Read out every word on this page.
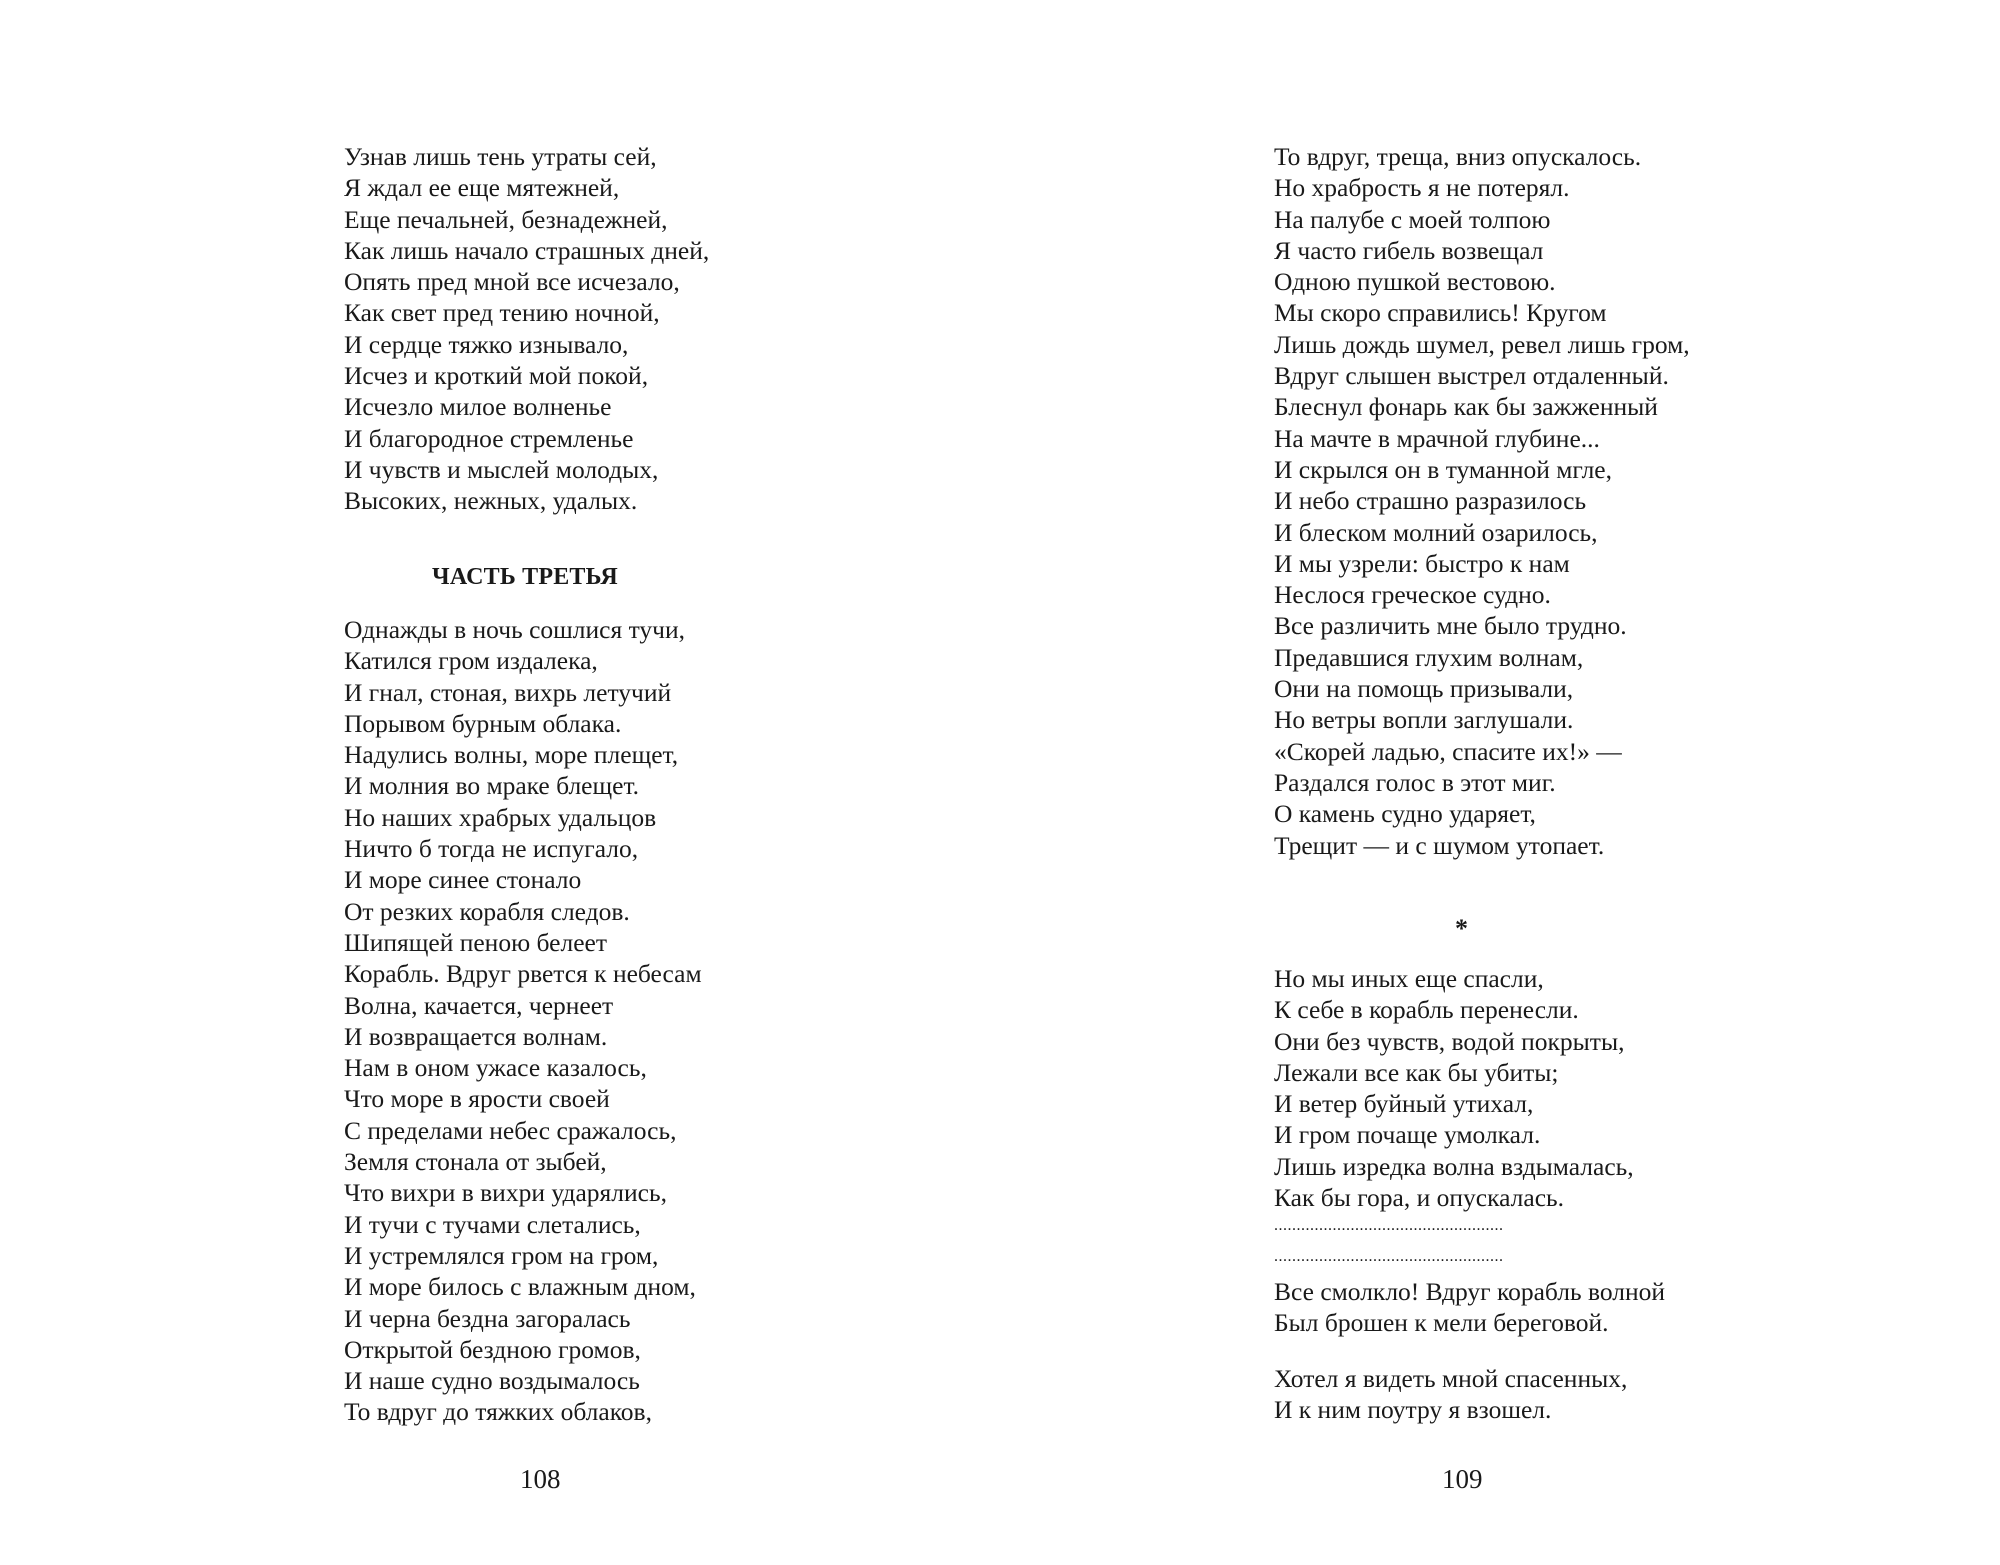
Узнав лишь тень утраты сей,
Я ждал ее еще мятежней,
Еще печальней, безнадежней,
Как лишь начало страшных дней,
Опять пред мной все исчезало,
Как свет пред тению ночной,
И сердце тяжко изнывало,
Исчез и кроткий мой покой,
Исчезло милое волненье
И благородное стремленье
И чувств и мыслей молодых,
Высоких, нежных, удалых.
ЧАСТЬ ТРЕТЬЯ
Однажды в ночь сошлися тучи,
Катился гром издалека,
И гнал, стоная, вихрь летучий
Порывом бурным облака.
Надулись волны, море плещет,
И молния во мраке блещет.
Но наших храбрых удальцов
Ничто б тогда не испугало,
И море синее стонало
От резких корабля следов.
Шипящей пеною белеет
Корабль. Вдруг рвется к небесам
Волна, качается, чернеет
И возвращается волнам.
Нам в оном ужасе казалось,
Что море в ярости своей
С пределами небес сражалось,
Земля стонала от зыбей,
Что вихри в вихри ударялись,
И тучи с тучами слетались,
И устремлялся гром на гром,
И море билось с влажным дном,
И черна бездна загоралась
Открытой бездною громов,
И наше судно воздымалось
То вдруг до тяжких облаков,
108
То вдруг, треща, вниз опускалось.
Но храбрость я не потерял.
На палубе с моей толпою
Я часто гибель возвещал
Одною пушкой вестовою.
Мы скоро справились! Кругом
Лишь дождь шумел, ревел лишь гром,
Вдруг слышен выстрел отдаленный.
Блеснул фонарь как бы зажженный
На мачте в мрачной глубине...
И скрылся он в туманной мгле,
И небо страшно разразилось
И блеском молний озарилось,
И мы узрели: быстро к нам
Неслося греческое судно.
Все различить мне было трудно.
Предавшися глухим волнам,
Они на помощь призывали,
Но ветры вопли заглушали.
«Скорей ладью, спасите их!» —
Раздался голос в этот миг.
О камень судно ударяет,
Трещит — и с шумом утопает.
*
Но мы иных еще спасли,
К себе в корабль перенесли.
Они без чувств, водой покрыты,
Лежали все как бы убиты;
И ветер буйный утихал,
И гром почаще умолкал.
Лишь изредка волна вздымалась,
Как бы гора, и опускалась.
...................................................
...................................................
Все смолкло! Вдруг корабль волной
Был брошен к мели береговой.
Хотел я видеть мной спасенных,
И к ним поутру я взошел.
109
